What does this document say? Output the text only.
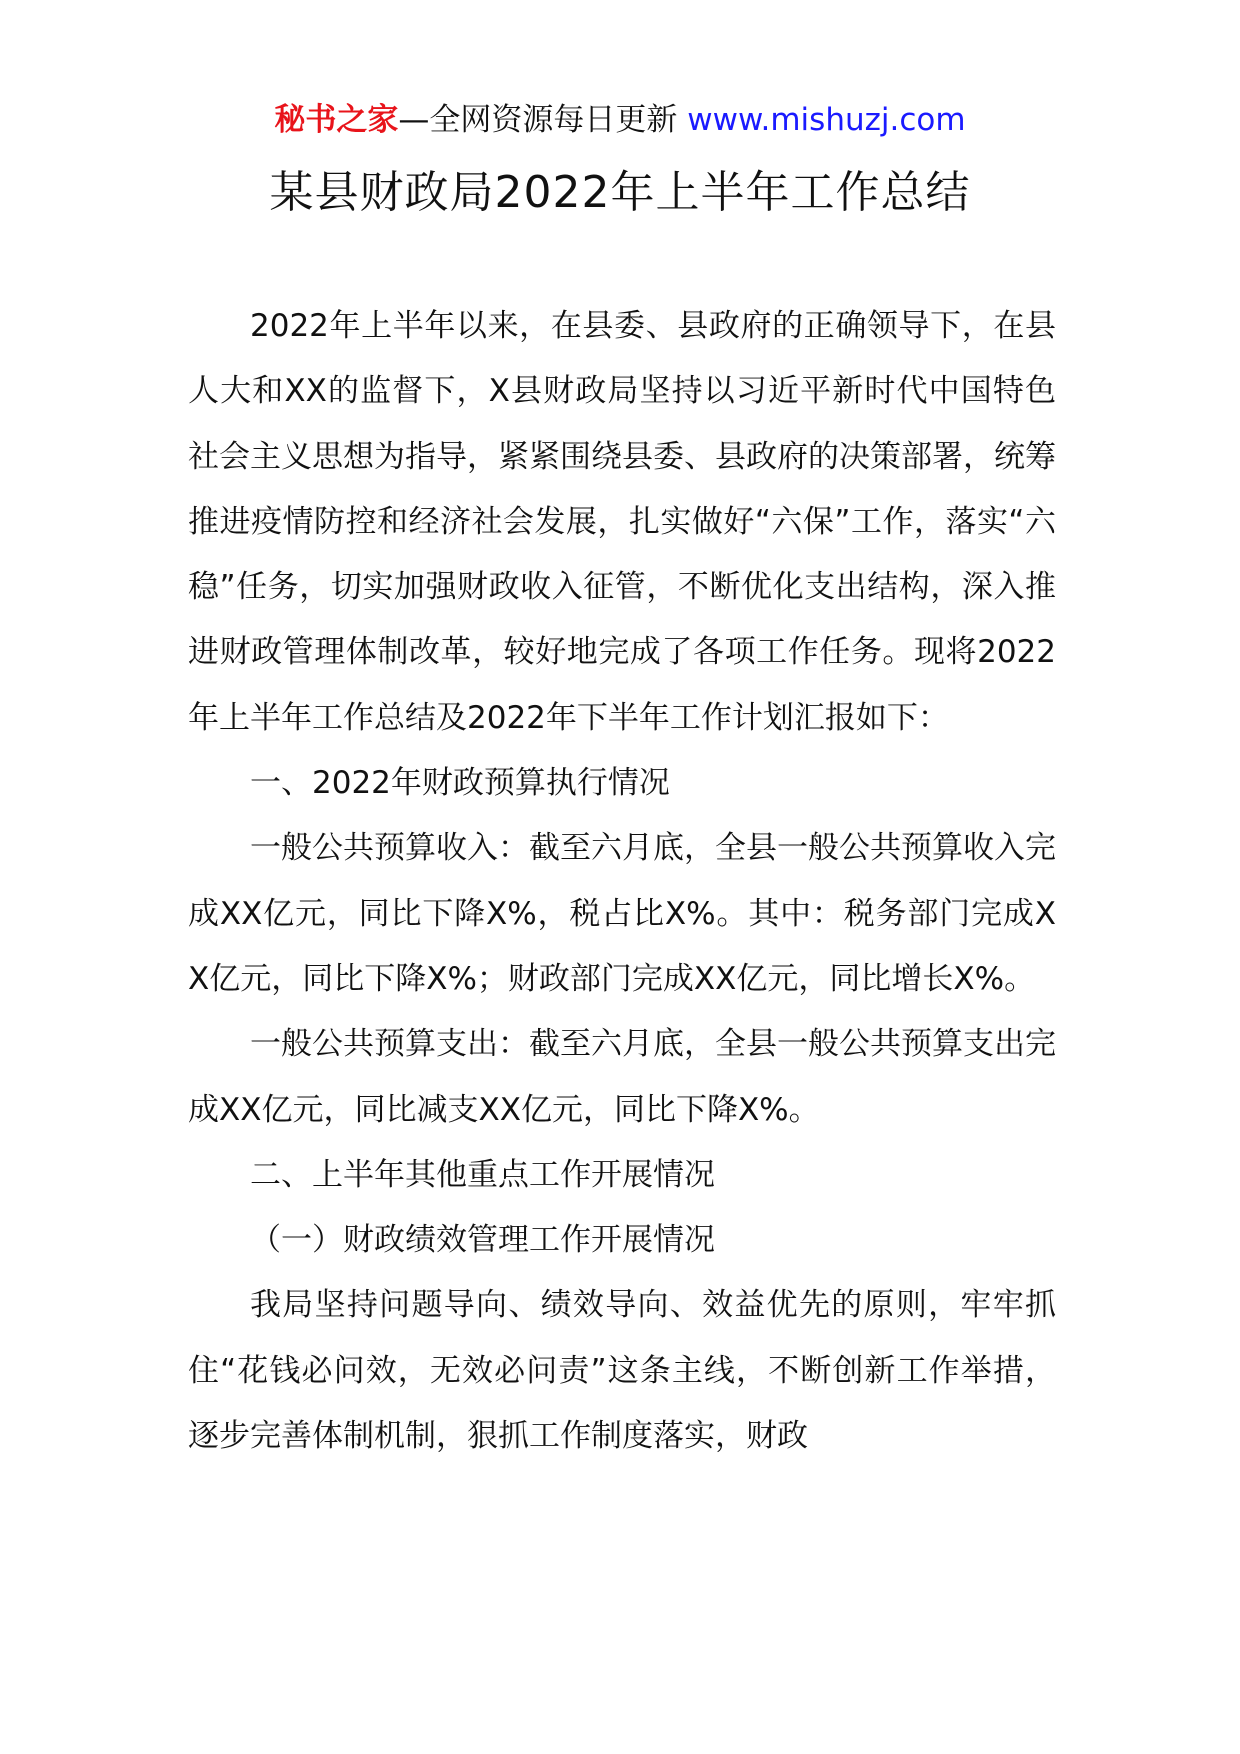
秘书之家—全网资源每日更新 www.mishuzj.com
某县财政局2022年上半年工作总结

2022年上半年以来，在县委、县政府的正确领导下，在县人大和XX的监督下，X县财政局坚持以习近平新时代中国特色社会主义思想为指导，紧紧围绕县委、县政府的决策部署，统筹推进疫情防控和经济社会发展，扎实做好“六保”工作，落实“六稳”任务，切实加强财政收入征管，不断优化支出结构，深入推进财政管理体制改革，较好地完成了各项工作任务。现将2022年上半年工作总结及2022年下半年工作计划汇报如下：

一、2022年财政预算执行情况

一般公共预算收入：截至六月底，全县一般公共预算收入完成XX亿元，同比下降X%，税占比X%。其中：税务部门完成XX亿元，同比下降X%；财政部门完成XX亿元，同比增长X%。

一般公共预算支出：截至六月底，全县一般公共预算支出完成XX亿元，同比减支XX亿元，同比下降X%。

二、上半年其他重点工作开展情况

（一）财政绩效管理工作开展情况

我局坚持问题导向、绩效导向、效益优先的原则，牢牢抓住“花钱必问效，无效必问责”这条主线，不断创新工作举措，逐步完善体制机制，狠抓工作制度落实，财政
